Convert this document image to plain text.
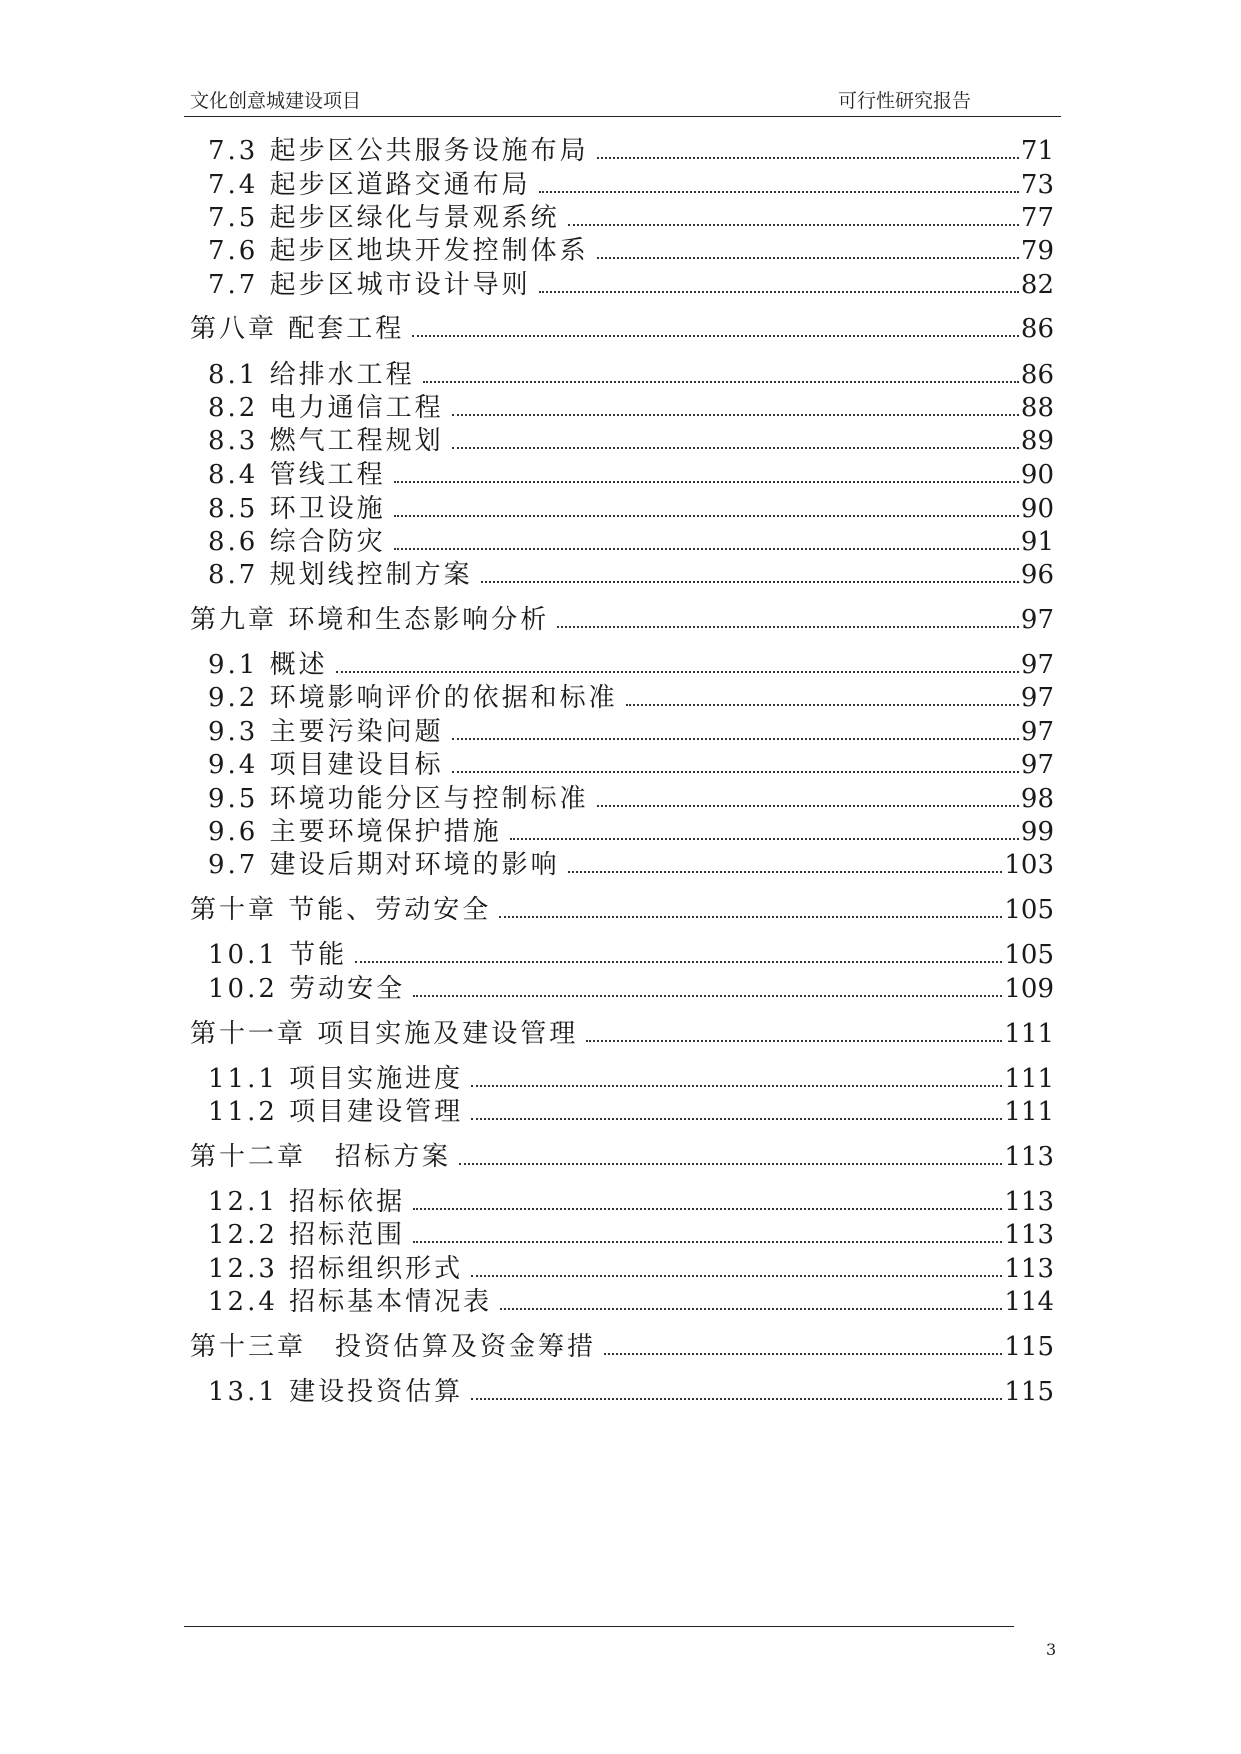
文化创意城建设项目	可行性研究报告
7.3 起步区公共服务设施布局	71
7.4 起步区道路交通布局	73
7.5 起步区绿化与景观系统	77
7.6 起步区地块开发控制体系	79
7.7 起步区城市设计导则	82
第八章 配套工程	86
8.1 给排水工程	86
8.2 电力通信工程	88
8.3 燃气工程规划	89
8.4 管线工程	90
8.5 环卫设施	90
8.6 综合防灾	91
8.7 规划线控制方案	96
第九章 环境和生态影响分析	97
9.1 概述	97
9.2 环境影响评价的依据和标准	97
9.3 主要污染问题	97
9.4 项目建设目标	97
9.5 环境功能分区与控制标准	98
9.6 主要环境保护措施	99
9.7 建设后期对环境的影响	103
第十章 节能、劳动安全	105
10.1 节能	105
10.2 劳动安全	109
第十一章 项目实施及建设管理	111
11.1 项目实施进度	111
11.2 项目建设管理	111
第十二章　招标方案	113
12.1 招标依据	113
12.2 招标范围	113
12.3 招标组织形式	113
12.4 招标基本情况表	114
第十三章　投资估算及资金筹措	115
13.1 建设投资估算	115
3
